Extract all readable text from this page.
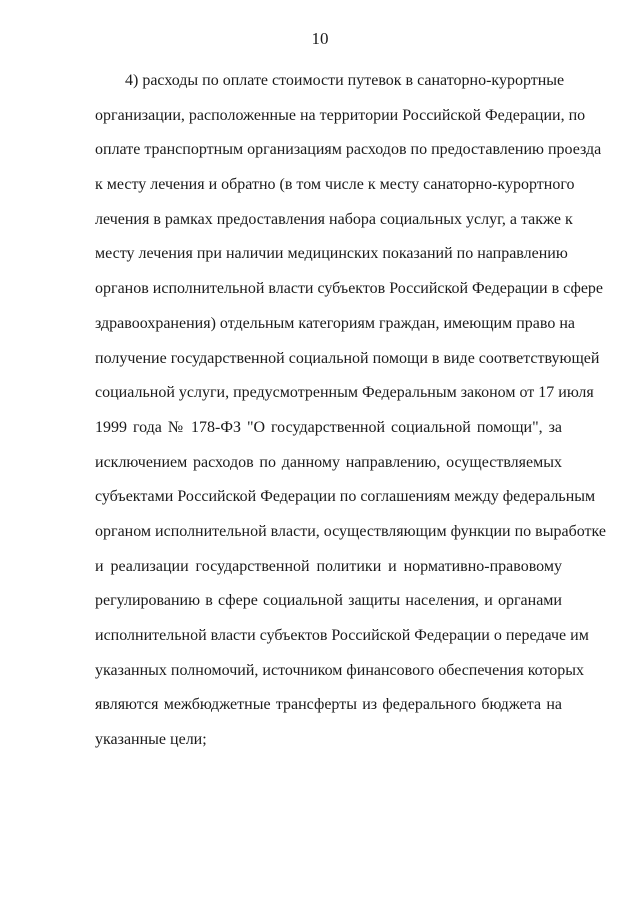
10
4) расходы по оплате стоимости путевок в санаторно-курортные
организации, расположенные на территории Российской Федерации, по
оплате транспортным организациям расходов по предоставлению проезда
к месту лечения и обратно (в том числе к месту санаторно-курортного
лечения в рамках предоставления набора социальных услуг, а также к
месту лечения при наличии медицинских показаний по направлению
органов исполнительной власти субъектов Российской Федерации в сфере
здравоохранения) отдельным категориям граждан, имеющим право на
получение государственной социальной помощи в виде соответствующей
социальной услуги, предусмотренным Федеральным законом от 17 июля
1999 года № 178-ФЗ "О государственной социальной помощи", за
исключением расходов по данному направлению, осуществляемых
субъектами Российской Федерации по соглашениям между федеральным
органом исполнительной власти, осуществляющим функции по выработке
и реализации государственной политики и нормативно-правовому
регулированию в сфере социальной защиты населения, и органами
исполнительной власти субъектов Российской Федерации о передаче им
указанных полномочий, источником финансового обеспечения которых
являются межбюджетные трансферты из федерального бюджета на
указанные цели;
